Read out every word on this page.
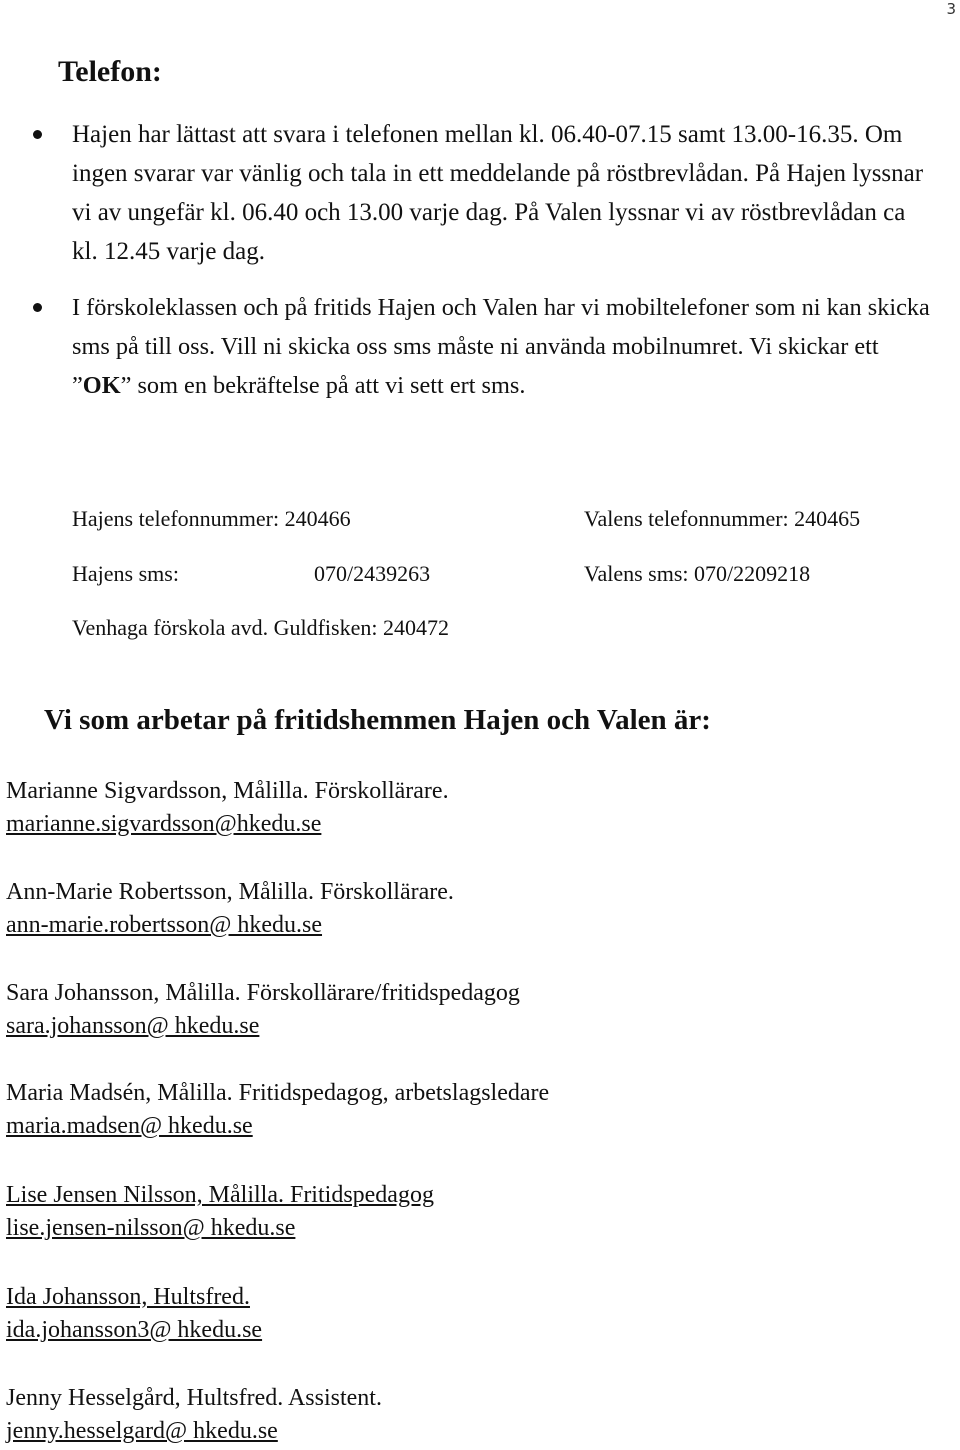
3
Telefon:
Hajen har lättast att svara i telefonen mellan kl. 06.40-07.15 samt 13.00-16.35. Om ingen svarar var vänlig och tala in ett meddelande på röstbrevlådan. På Hajen lyssnar vi av ungefär kl. 06.40 och 13.00 varje dag. På Valen lyssnar vi av röstbrevlådan ca kl. 12.45 varje dag.
I förskoleklassen och på fritids Hajen och Valen har vi mobiltelefoner som ni kan skicka sms på till oss. Vill ni skicka oss sms måste ni använda mobilnumret. Vi skickar ett ”OK” som en bekräftelse på att vi sett ert sms.
Hajens telefonnummer: 240466	Valens telefonnummer: 240465
Hajens sms:	070/2439263	Valens sms: 070/2209218
Venhaga förskola avd. Guldfisken: 240472
Vi som arbetar på fritidshemmen Hajen och Valen är:
Marianne Sigvardsson, Målilla. Förskollärare.
marianne.sigvardsson@hkedu.se
Ann-Marie Robertsson, Målilla. Förskollärare.
ann-marie.robertsson@ hkedu.se
Sara Johansson, Målilla. Förskollärare/fritidspedagog
sara.johansson@ hkedu.se
Maria Madsén, Målilla. Fritidspedagog, arbetslagsledare
maria.madsen@ hkedu.se
Lise Jensen Nilsson, Målilla. Fritidspedagog
lise.jensen-nilsson@ hkedu.se
Ida Johansson, Hultsfred.
ida.johansson3@ hkedu.se
Jenny Hesselgård, Hultsfred. Assistent.
jenny.hesselgard@ hkedu.se
